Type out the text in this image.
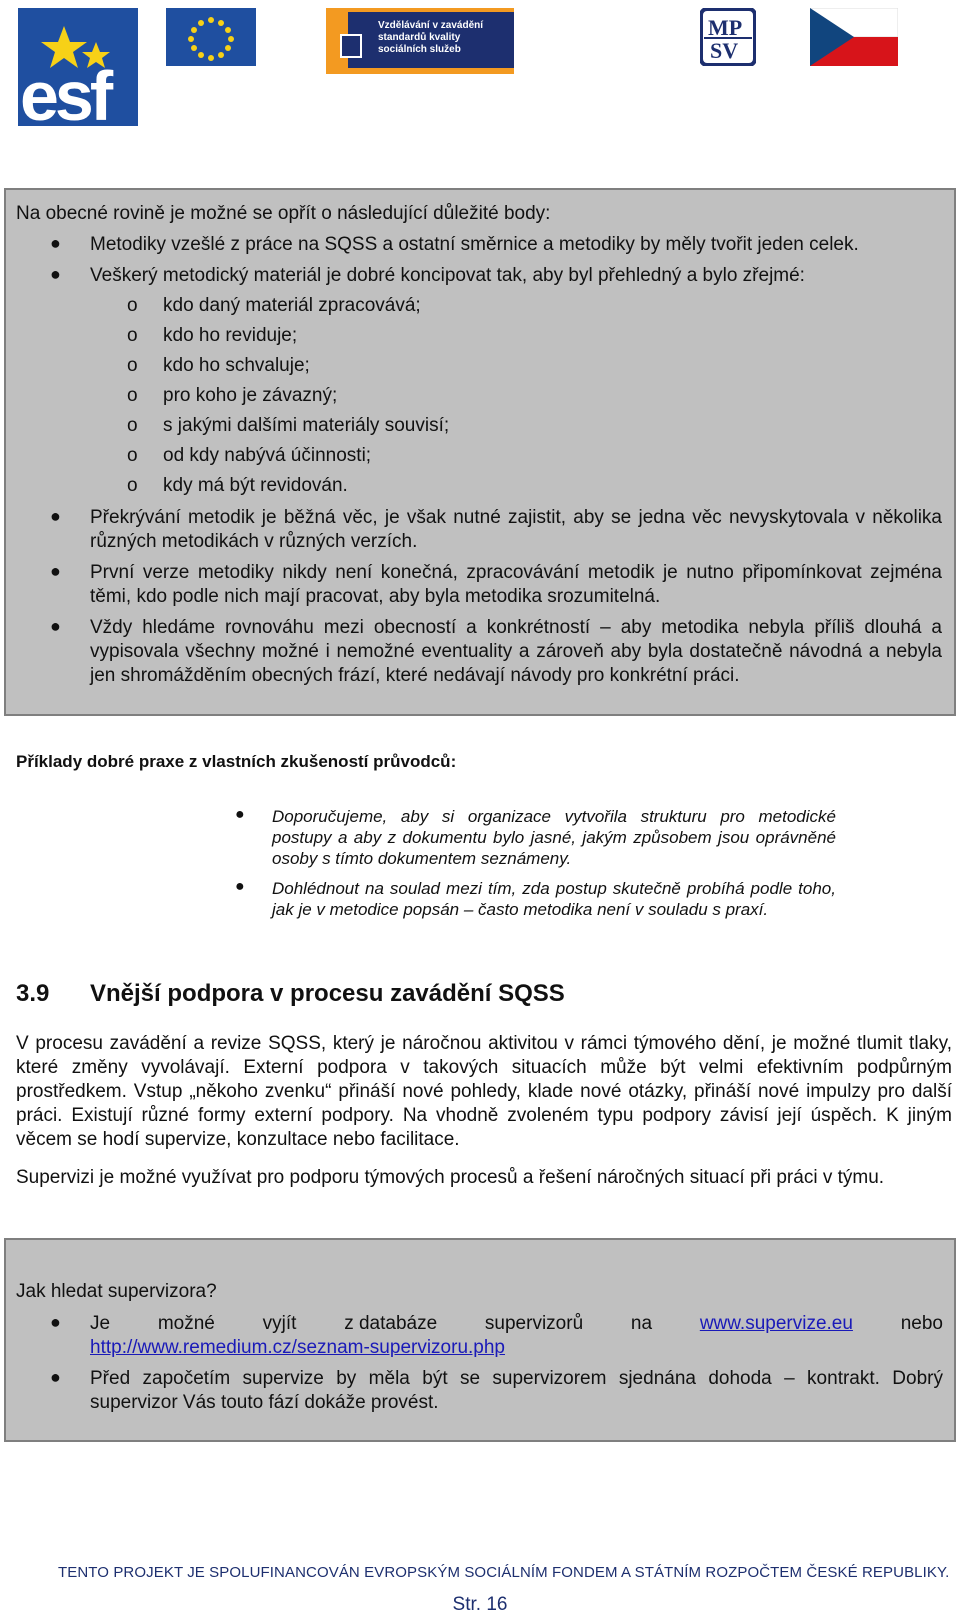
esf
Vzdělávání v zavádění standardů kvality sociálních služeb
MP
SV
Na obecné rovině je možné se opřít o následující důležité body:
● Metodiky vzešlé z práce na SQSS a ostatní směrnice a metodiky by měly tvořit jeden celek.
● Veškerý metodický materiál je dobré koncipovat tak, aby byl přehledný a bylo zřejmé:
o kdo daný materiál zpracovává;
o kdo ho reviduje;
o kdo ho schvaluje;
o pro koho je závazný;
o s jakými dalšími materiály souvisí;
o od kdy nabývá účinnosti;
o kdy má být revidován.
● Překrývání metodik je běžná věc, je však nutné zajistit, aby se jedna věc nevyskytovala v několika různých metodikách v různých verzích.
● První verze metodiky nikdy není konečná, zpracovávání metodik je nutno připomínkovat zejména těmi, kdo podle nich mají pracovat, aby byla metodika srozumitelná.
● Vždy hledáme rovnováhu mezi obecností a konkrétností – aby metodika nebyla příliš dlouhá a vypisovala všechny možné i nemožné eventuality a zároveň aby byla dostatečně návodná a nebyla jen shromážděním obecných frází, které nedávají návody pro konkrétní práci.
Příklady dobré praxe z vlastních zkušeností průvodců:
● Doporučujeme, aby si organizace vytvořila strukturu pro metodické postupy a aby z dokumentu bylo jasné, jakým způsobem jsou oprávněné osoby s tímto dokumentem seznámeny.
● Dohlédnout na soulad mezi tím, zda postup skutečně probíhá podle toho, jak je v metodice popsán – často metodika není v souladu s praxí.
3.9 Vnější podpora v procesu zavádění SQSS
V procesu zavádění a revize SQSS, který je náročnou aktivitou v rámci týmového dění, je možné tlumit tlaky, které změny vyvolávají. Externí podpora v takových situacích může být velmi efektivním podpůrným prostředkem. Vstup „někoho zvenku“ přináší nové pohledy, klade nové otázky, přináší nové impulzy pro další práci. Existují různé formy externí podpory. Na vhodně zvoleném typu podpory závisí její úspěch. K jiným věcem se hodí supervize, konzultace nebo facilitace.
Supervizi je možné využívat pro podporu týmových procesů a řešení náročných situací při práci v týmu.
Jak hledat supervizora?
● Je	možné	vyjít	z databáze	supervizorů	na	www.supervize.eu	nebo
http://www.remedium.cz/seznam-supervizoru.php
● Před započetím supervize by měla být se supervizorem sjednána dohoda – kontrakt. Dobrý supervizor Vás touto fází dokáže provést.
TENTO PROJEKT JE SPOLUFINANCOVÁN EVROPSKÝM SOCIÁLNÍM FONDEM A STÁTNÍM ROZPOČTEM ČESKÉ REPUBLIKY.
Str. 16
